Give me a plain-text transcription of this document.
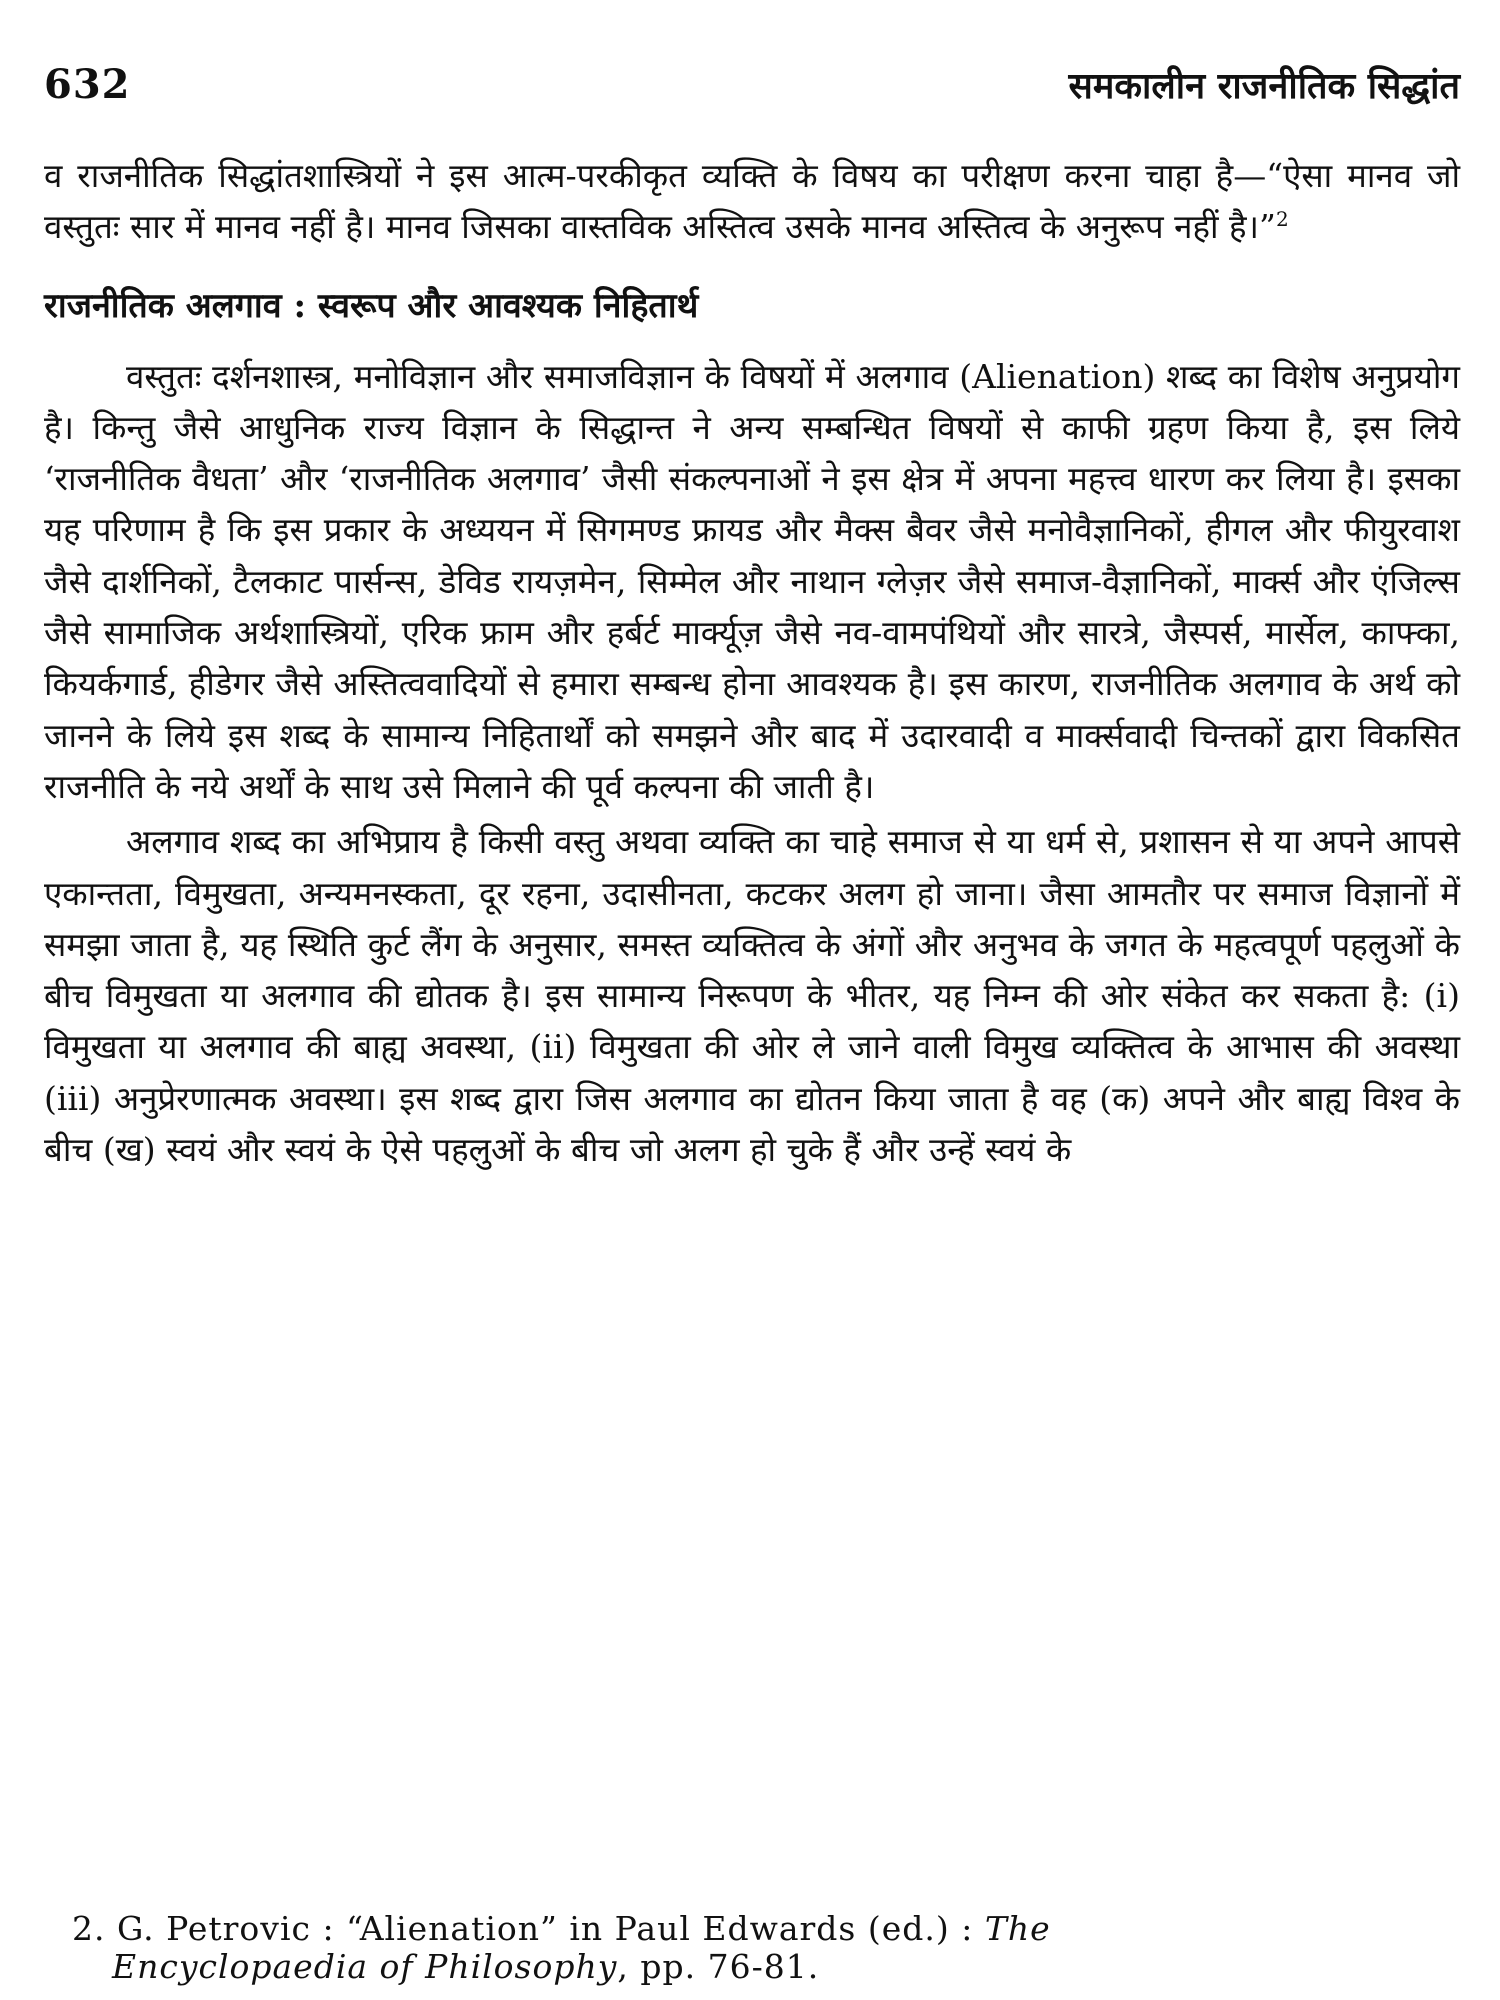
632	समकालीन राजनीतिक सिद्धांत

व राजनीतिक सिद्धांतशास्त्रियों ने इस आत्म-परकीकृत व्यक्ति के विषय का परीक्षण करना चाहा है—“ऐसा मानव जो वस्तुतः सार में मानव नहीं है। मानव जिसका वास्तविक अस्तित्व उसके मानव अस्तित्व के अनुरूप नहीं है।”$^2$

राजनीतिक अलगाव : स्वरूप और आवश्यक निहितार्थ

वस्तुतः दर्शनशास्त्र, मनोविज्ञान और समाजविज्ञान के विषयों में अलगाव (Alienation) शब्द का विशेष अनुप्रयोग है। किन्तु जैसे आधुनिक राज्य विज्ञान के सिद्धान्त ने अन्य सम्बन्धित विषयों से काफी ग्रहण किया है, इस लिये ‘राजनीतिक वैधता’ और ‘राजनीतिक अलगाव’ जैसी संकल्पनाओं ने इस क्षेत्र में अपना महत्त्व धारण कर लिया है। इसका यह परिणाम है कि इस प्रकार के अध्ययन में सिगमण्ड फ्रायड और मैक्स बैवर जैसे मनोवैज्ञानिकों, हीगल और फीयुरवाश जैसे दार्शनिकों, टैलकाट पार्सन्स, डेविड रायज़मेन, सिम्मेल और नाथान ग्लेज़र जैसे समाज-वैज्ञानिकों, मार्क्स और एंजिल्स जैसे सामाजिक अर्थशास्त्रियों, एरिक फ्राम और हर्बर्ट मार्क्यूज़ जैसे नव-वामपंथियों और सारत्रे, जैस्पर्स, मार्सेल, काफ्का, कियर्कगार्ड, हीडेगर जैसे अस्तित्ववादियों से हमारा सम्बन्ध होना आवश्यक है। इस कारण, राजनीतिक अलगाव के अर्थ को जानने के लिये इस शब्द के सामान्य निहितार्थों को समझने और बाद में उदारवादी व मार्क्सवादी चिन्तकों द्वारा विकसित राजनीति के नये अर्थों के साथ उसे मिलाने की पूर्व कल्पना की जाती है।

अलगाव शब्द का अभिप्राय है किसी वस्तु अथवा व्यक्ति का चाहे समाज से या धर्म से, प्रशासन से या अपने आपसे एकान्तता, विमुखता, अन्यमनस्कता, दूर रहना, उदासीनता, कटकर अलग हो जाना। जैसा आमतौर पर समाज विज्ञानों में समझा जाता है, यह स्थिति कुर्ट लैंग के अनुसार, समस्त व्यक्तित्व के अंगों और अनुभव के जगत के महत्वपूर्ण पहलुओं के बीच विमुखता या अलगाव की द्योतक है। इस सामान्य निरूपण के भीतर, यह निम्न की ओर संकेत कर सकता है: (i) विमुखता या अलगाव की बाह्य अवस्था, (ii) विमुखता की ओर ले जाने वाली विमुख व्यक्तित्व के आभास की अवस्था (iii) अनुप्रेरणात्मक अवस्था। इस शब्द द्वारा जिस अलगाव का द्योतन किया जाता है वह (क) अपने और बाह्य विश्व के बीच (ख) स्वयं और स्वयं के ऐसे पहलुओं के बीच जो अलग हो चुके हैं और उन्हें स्वयं के

2. G. Petrovic : “Alienation” in Paul Edwards (ed.) : The
Encyclopaedia of Philosophy, pp. 76-81.
